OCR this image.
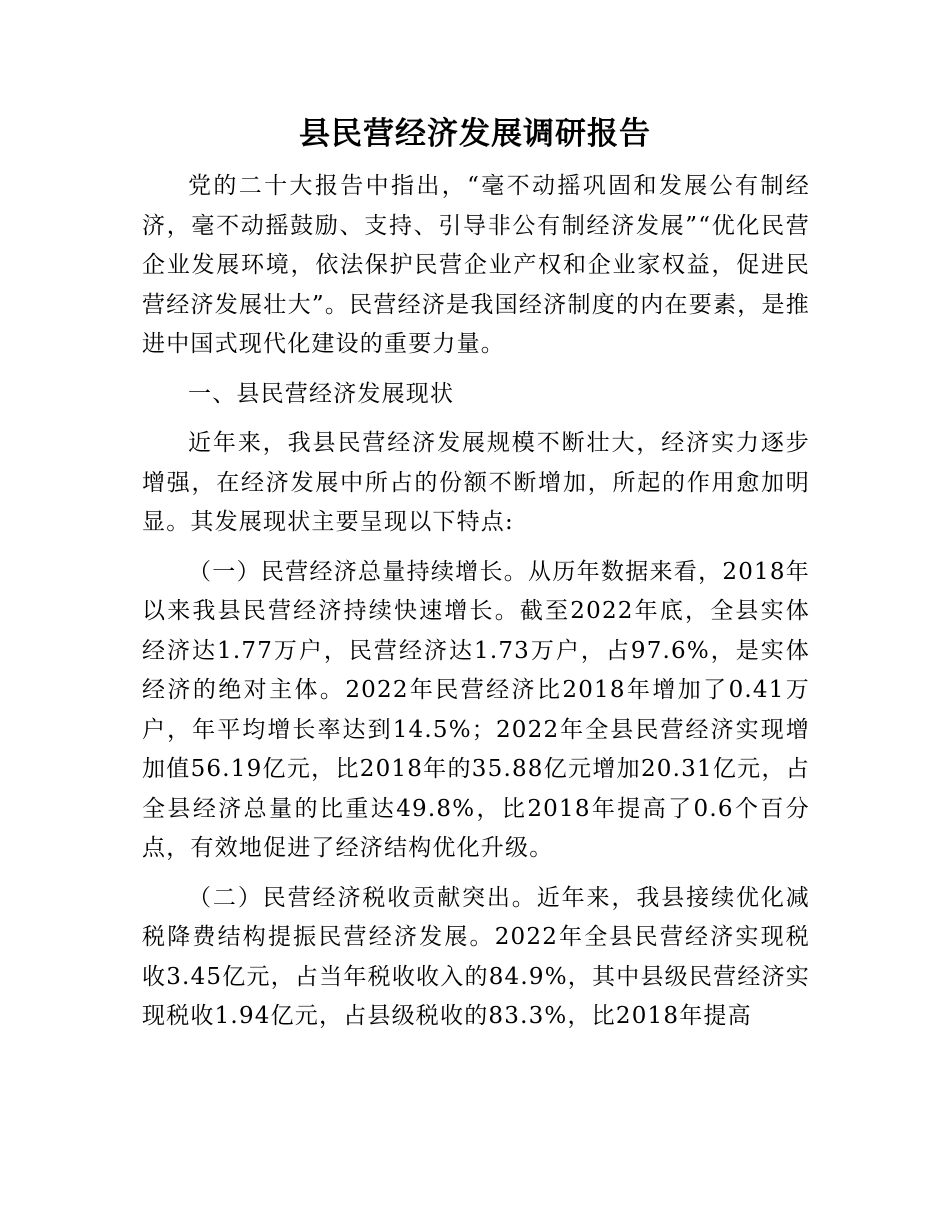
县民营经济发展调研报告

党的二十大报告中指出，“毫不动摇巩固和发展公有制经济，毫不动摇鼓励、支持、引导非公有制经济发展”“优化民营企业发展环境，依法保护民营企业产权和企业家权益，促进民营经济发展壮大”。民营经济是我国经济制度的内在要素，是推进中国式现代化建设的重要力量。

一、县民营经济发展现状

近年来，我县民营经济发展规模不断壮大，经济实力逐步增强，在经济发展中所占的份额不断增加，所起的作用愈加明显。其发展现状主要呈现以下特点:

（一）民营经济总量持续增长。从历年数据来看，2018年以来我县民营经济持续快速增长。截至2022年底，全县实体经济达1.77万户，民营经济达1.73万户，占97.6%，是实体经济的绝对主体。2022年民营经济比2018年增加了0.41万户，年平均增长率达到14.5%；2022年全县民营经济实现增加值56.19亿元，比2018年的35.88亿元增加20.31亿元，占全县经济总量的比重达49.8%，比2018年提高了0.6个百分点，有效地促进了经济结构优化升级。

（二）民营经济税收贡献突出。近年来，我县接续优化减税降费结构提振民营经济发展。2022年全县民营经济实现税收3.45亿元，占当年税收收入的84.9%，其中县级民营经济实现税收1.94亿元，占县级税收的83.3%，比2018年提高
